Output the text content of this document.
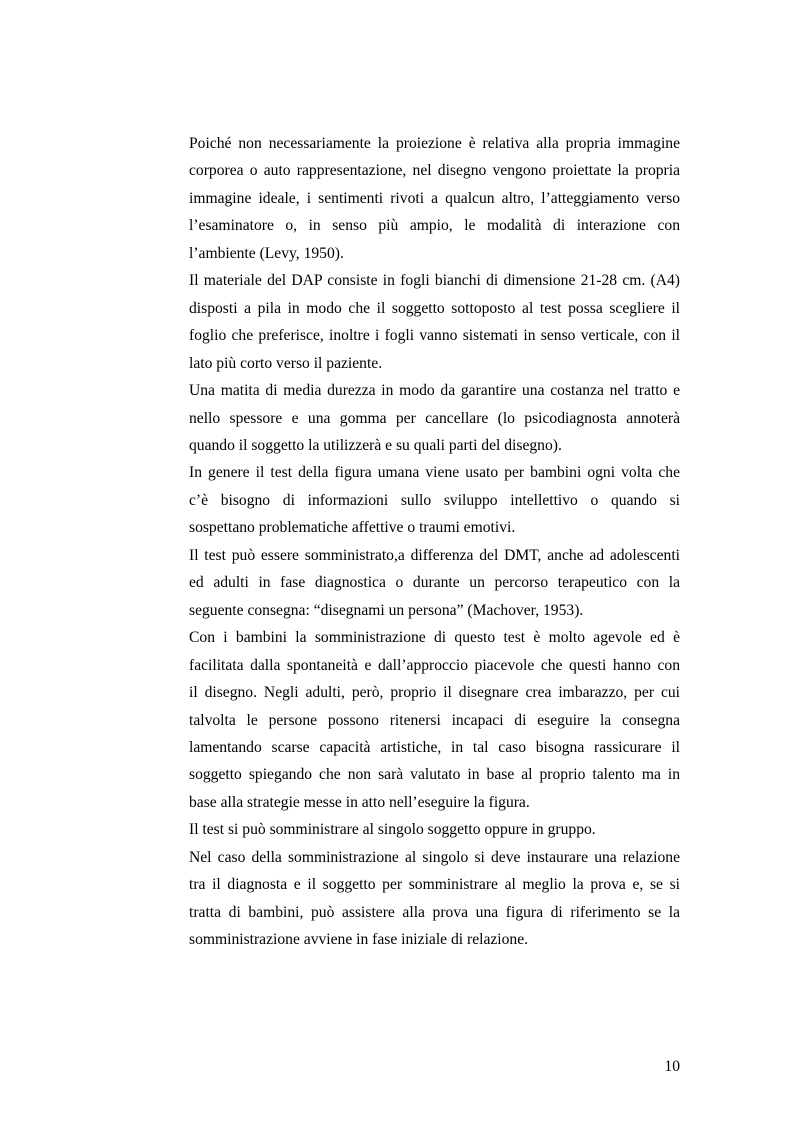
Poiché non necessariamente la proiezione è relativa alla propria immagine
corporea o auto rappresentazione, nel disegno vengono proiettate la propria
immagine ideale, i sentimenti rivoti a qualcun altro, l’atteggiamento verso
l’esaminatore o, in senso più ampio, le modalità di interazione con
l’ambiente (Levy, 1950).
Il materiale del DAP consiste in fogli bianchi di dimensione 21-28 cm. (A4)
disposti a pila in modo che il soggetto sottoposto al test possa scegliere il
foglio che preferisce, inoltre i fogli vanno sistemati in senso verticale, con il
lato più corto verso il paziente.
Una matita di media durezza in modo da garantire una costanza nel tratto e
nello spessore e una gomma per cancellare (lo psicodiagnosta annoterà
quando il soggetto la utilizzerà e su quali parti del disegno).
In genere il test della figura umana viene usato per bambini ogni volta che
c’è bisogno di informazioni sullo sviluppo intellettivo o quando si
sospettano problematiche affettive o traumi emotivi.
Il test può essere somministrato,a differenza del DMT, anche ad adolescenti
ed adulti in fase diagnostica o durante un percorso terapeutico con la
seguente consegna: “disegnami un persona” (Machover, 1953).
Con i bambini la somministrazione di questo test è molto agevole ed è
facilitata dalla spontaneità e dall’approccio piacevole che questi hanno con
il disegno. Negli adulti, però, proprio il disegnare crea imbarazzo, per cui
talvolta le persone possono ritenersi incapaci di eseguire la consegna
lamentando scarse capacità artistiche, in tal caso bisogna rassicurare il
soggetto spiegando che non sarà valutato in base al proprio talento ma in
base alla strategie messe in atto nell’eseguire la figura.
Il test si può somministrare al singolo soggetto oppure in gruppo.
Nel caso della somministrazione al singolo si deve instaurare una relazione
tra il diagnosta e il soggetto per somministrare al meglio la prova e, se si
tratta di bambini, può assistere alla prova una figura di riferimento se la
somministrazione avviene in fase iniziale di relazione.
10
